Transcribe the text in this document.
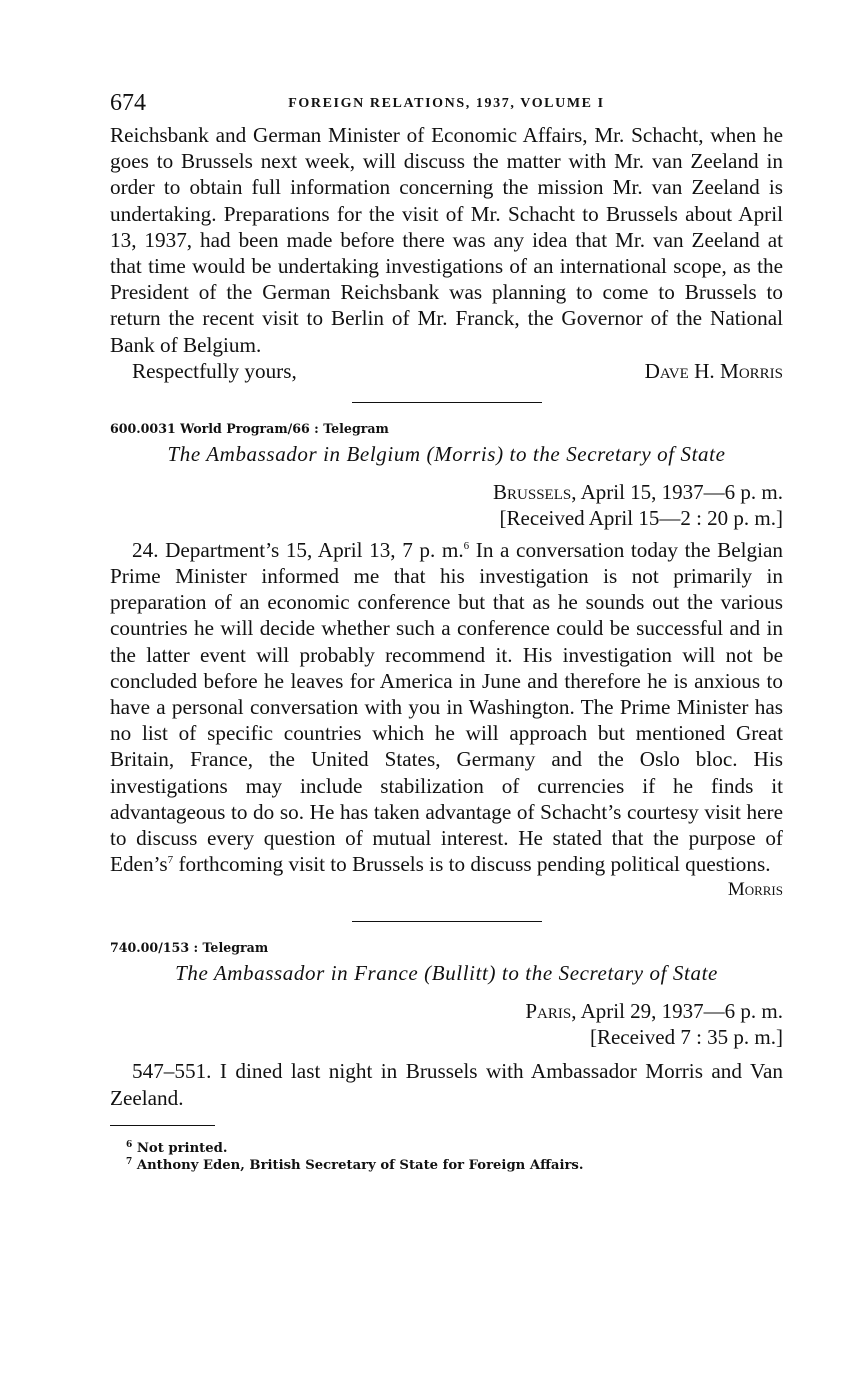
674	FOREIGN RELATIONS, 1937, VOLUME I

Reichsbank and German Minister of Economic Affairs, Mr. Schacht, when he goes to Brussels next week, will discuss the matter with Mr. van Zeeland in order to obtain full information concerning the mission Mr. van Zeeland is undertaking. Preparations for the visit of Mr. Schacht to Brussels about April 13, 1937, had been made before there was any idea that Mr. van Zeeland at that time would be undertaking investigations of an international scope, as the President of the German Reichsbank was planning to come to Brussels to return the recent visit to Berlin of Mr. Franck, the Governor of the National Bank of Belgium.

Respectfully yours,	Dave H. Morris

600.0031 World Program/66 : Telegram

The Ambassador in Belgium (Morris) to the Secretary of State

Brussels, April 15, 1937—6 p. m.

[Received April 15—2 : 20 p. m.]

24. Department’s 15, April 13, 7 p. m.$^6$ In a conversation today the Belgian Prime Minister informed me that his investigation is not primarily in preparation of an economic conference but that as he sounds out the various countries he will decide whether such a conference could be successful and in the latter event will probably recommend it. His investigation will not be concluded before he leaves for America in June and therefore he is anxious to have a personal conversation with you in Washington. The Prime Minister has no list of specific countries which he will approach but mentioned Great Britain, France, the United States, Germany and the Oslo bloc. His investigations may include stabilization of currencies if he finds it advantageous to do so. He has taken advantage of Schacht’s courtesy visit here to discuss every question of mutual interest. He stated that the purpose of $Eden’s^7$ forthcoming visit to Brussels is to discuss pending political questions.

Morris

740.00/153 : Telegram

The Ambassador in France (Bullitt) to the Secretary of State

Paris, April 29, 1937—6 p. m.

[Received 7 : 35 p. m.]

547–551. I dined last night in Brussels with Ambassador Morris and Van Zeeland.

$^6$ Not printed.

$^7$ Anthony Eden, British Secretary of State for Foreign Affairs.
